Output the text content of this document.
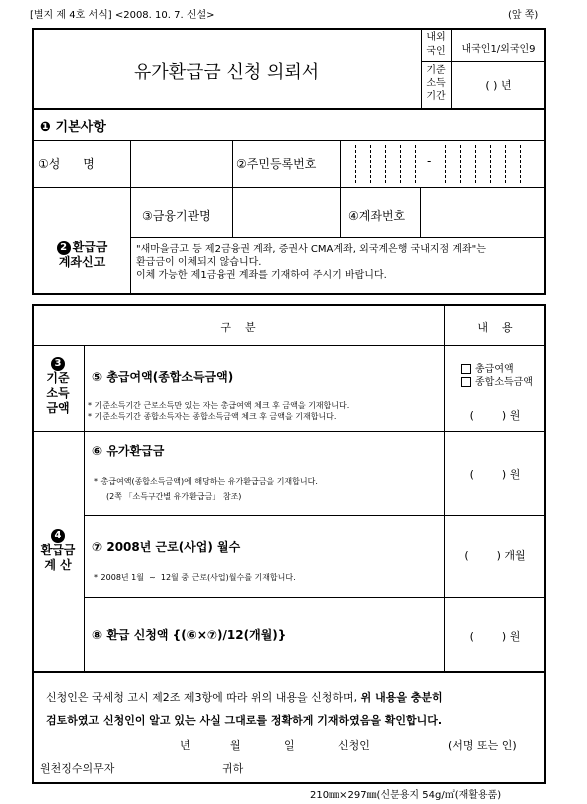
[별지 제 4호 서식] <2008. 10. 7. 신설>	(앞 쪽)
유가환급금 신청 의뢰서
내외
국인	내국인1/외국인9
기준
소득
기간
( ) 년
❶ 기본사항
①성      명	②주민등록번호	-

2 환급금
계좌신고

③금융기관명	④계좌번호
"새마을금고 등 제2금융권 계좌, 증권사 CMA계좌, 외국계은행 국내지점 계좌"는
환급금이 이체되지 않습니다.
이체 가능한 제1금융권 계좌를 기재하여 주시기 바랍니다.
구    분	내    용
3
기준
소득
금액
⑤ 총급여액(종합소득금액)
총급여액
종합소득금액
* 기준소득기간 근로소득만 있는 자는 총급여액 체크 후 금액을 기재합니다.
* 기준소득기간 종합소득자는 종합소득금액 체크 후 금액을 기재합니다.	(        ) 원
4
환급금
계 산
⑥ 유가환급금
* 총급여액(종합소득금액)에 해당하는 유가환급금을 기재합니다.
(2쪽 「소득구간별 유가환급금」 참조)
(        ) 원
⑦ 2008년 근로(사업) 월수
* 2008년 1월  ~  12월 중 근로(사업)월수를 기재합니다.
(        ) 개월
⑧ 환급 신청액 {(⑥×⑦)/12(개월)}	(        ) 원
신청인은 국세청 고시 제2조 제3항에 따라 위의 내용을 신청하며, 위 내용을 충분히
검토하였고 신청인이 알고 있는 사실 그대로를 정확하게 기재하였음을 확인합니다.
년	월	일	신청인	(서명 또는 인)
원천징수의무자	귀하
210㎜×297㎜(신문용지 54g/㎡(재활용품)
